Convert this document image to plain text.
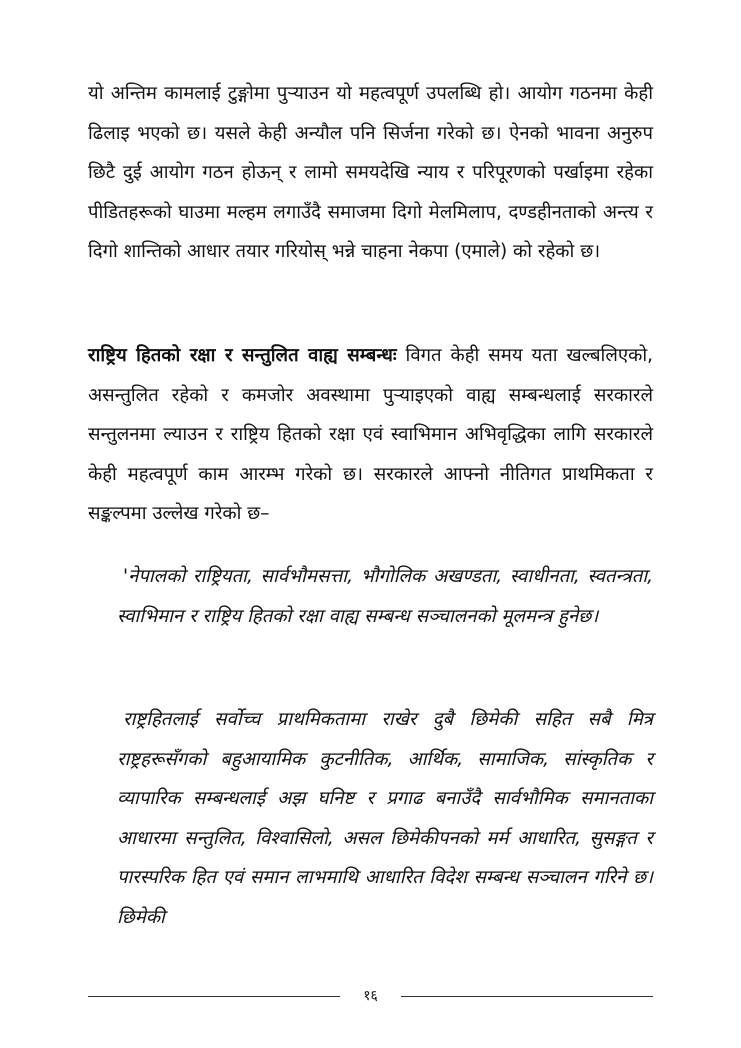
यो अन्तिम कामलाई टुङ्गोमा पुऱ्याउन यो महत्वपूर्ण उपलब्धि हो। आयोग गठनमा केही ढिलाइ भएको छ। यसले केही अन्यौल पनि सिर्जना गरेको छ। ऐनको भावना अनुरुप छिटै दुई आयोग गठन होऊन् र लामो समयदेखि न्याय र परिपूरणको पर्खाइमा रहेका पीडितहरूको घाउमा मल्हम लगाउँदै समाजमा दिगो मेलमिलाप, दण्डहीनताको अन्त्य र दिगो शान्तिको आधार तयार गरियोस् भन्ने चाहना नेकपा (एमाले) को रहेको छ।

राष्ट्रिय हितको रक्षा र सन्तुलित वाह्य सम्बन्धः विगत केही समय यता खल्बलिएको, असन्तुलित रहेको र कमजोर अवस्थामा पुऱ्याइएको वाह्य सम्बन्धलाई सरकारले सन्तुलनमा ल्याउन र राष्ट्रिय हितको रक्षा एवं स्वाभिमान अभिवृद्धिका लागि सरकारले केही महत्वपूर्ण काम आरम्भ गरेको छ। सरकारले आफ्नो नीतिगत प्राथमिकता र सङ्कल्पमा उल्लेख गरेको छ–

'नेपालको राष्ट्रियता, सार्वभौमसत्ता, भौगोलिक अखण्डता, स्वाधीनता, स्वतन्त्रता, स्वाभिमान र राष्ट्रिय हितको रक्षा वाह्य सम्बन्ध सञ्चालनको मूलमन्त्र हुनेछ।

राष्ट्रहितलाई सर्वोच्च प्राथमिकतामा राखेर दुबै छिमेकी सहित सबै मित्र राष्ट्रहरूसँगको बहुआयामिक कुटनीतिक, आर्थिक, सामाजिक, सांस्कृतिक र व्यापारिक सम्बन्धलाई अझ घनिष्ट र प्रगाढ बनाउँदै सार्वभौमिक समानताका आधारमा सन्तुलित, विश्वासिलो, असल छिमेकीपनको मर्म आधारित, सुसङ्गत र पारस्परिक हित एवं समान लाभमाथि आधारित विदेश सम्बन्ध सञ्चालन गरिने छ। छिमेकी

१६
